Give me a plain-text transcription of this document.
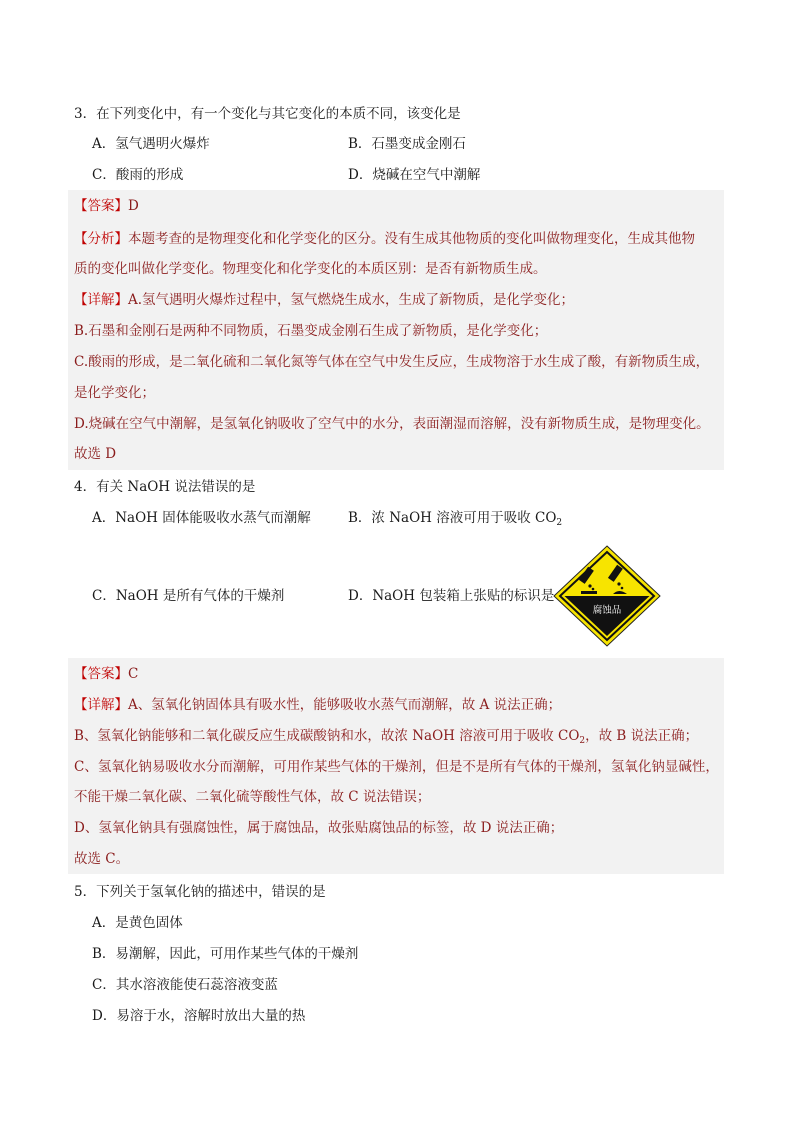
3．在下列变化中，有一个变化与其它变化的本质不同，该变化是
A．氢气遇明火爆炸	B．石墨变成金刚石
C．酸雨的形成	D．烧碱在空气中潮解
【答案】D
【分析】本题考查的是物理变化和化学变化的区分。没有生成其他物质的变化叫做物理变化，生成其他物
质的变化叫做化学变化。物理变化和化学变化的本质区别：是否有新物质生成。
【详解】A.氢气遇明火爆炸过程中，氢气燃烧生成水，生成了新物质，是化学变化；
B.石墨和金刚石是两种不同物质，石墨变成金刚石生成了新物质，是化学变化；
C.酸雨的形成，是二氧化硫和二氧化氮等气体在空气中发生反应，生成物溶于水生成了酸，有新物质生成，
是化学变化；
D.烧碱在空气中潮解，是氢氧化钠吸收了空气中的水分，表面潮湿而溶解，没有新物质生成，是物理变化。
故选 D
4．有关 NaOH 说法错误的是
A．NaOH 固体能吸收水蒸气而潮解	B．浓 NaOH 溶液可用于吸收 $CO_2$
C．NaOH 是所有气体的干燥剂	D．NaOH 包装箱上张贴的标识是
腐蚀品
【答案】C
【详解】A、氢氧化钠固体具有吸水性，能够吸收水蒸气而潮解，故 A 说法正确；
B、氢氧化钠能够和二氧化碳反应生成碳酸钠和水，故浓 NaOH 溶液可用于吸收 $CO_2$，故 B 说法正确；
C、氢氧化钠易吸收水分而潮解，可用作某些气体的干燥剂，但是不是所有气体的干燥剂，氢氧化钠显碱性，
不能干燥二氧化碳、二氧化硫等酸性气体，故 C 说法错误；
D、氢氧化钠具有强腐蚀性，属于腐蚀品，故张贴腐蚀品的标签，故 D 说法正确；
故选 C。
5．下列关于氢氧化钠的描述中，错误的是
A．是黄色固体
B．易潮解，因此，可用作某些气体的干燥剂
C．其水溶液能使石蕊溶液变蓝
D．易溶于水，溶解时放出大量的热
